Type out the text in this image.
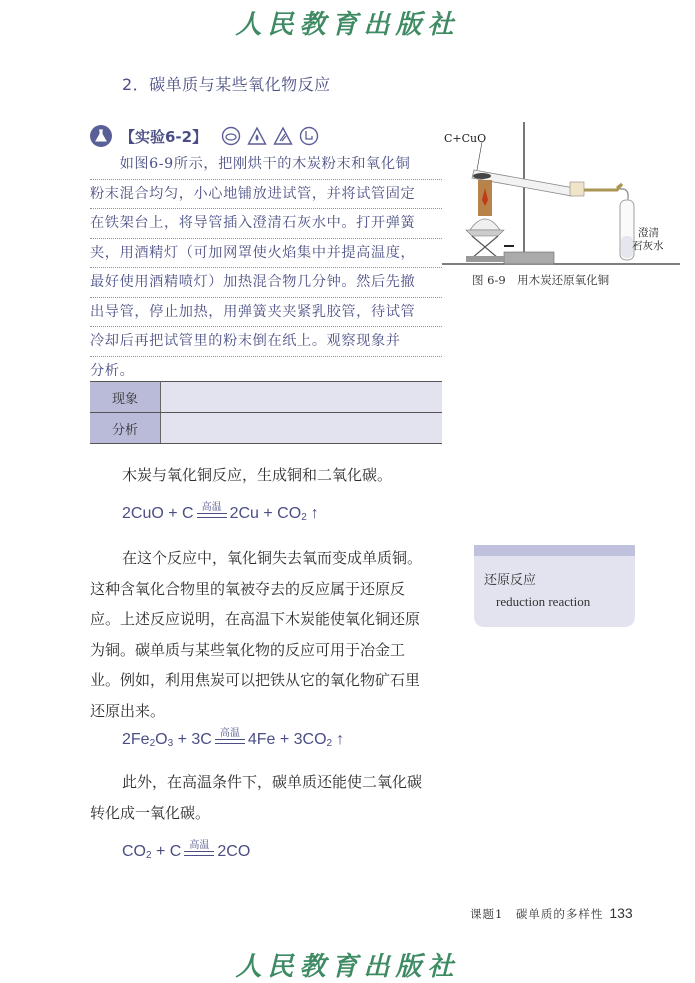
人民教育出版社
2．碳单质与某些氧化物反应
【实验6-2】
　　如图6-9所示，把刚烘干的木炭粉末和氧化铜
粉末混合均匀，小心地铺放进试管，并将试管固定
在铁架台上，将导管插入澄清石灰水中。打开弹簧
夹，用酒精灯（可加网罩使火焰集中并提高温度，
最好使用酒精喷灯）加热混合物几分钟。然后先撤
出导管，停止加热，用弹簧夹夹紧乳胶管，待试管
冷却后再把试管里的粉末倒在纸上。观察现象并
分析。
现象	
分析	
C+CuO
澄清
石灰水
图 6-9　用木炭还原氧化铜
木炭与氧化铜反应，生成铜和二氧化碳。
2CuO + C 高温 $2Cu + CO_2$ ↑
在这个反应中，氧化铜失去氧而变成单质铜。
这种含氧化合物里的氧被夺去的反应属于还原反
应。上述反应说明，在高温下木炭能使氧化铜还原
为铜。碳单质与某些氧化物的反应可用于冶金工
业。例如，利用焦炭可以把铁从它的氧化物矿石里
还原出来。
还原反应
reduction reaction
$2Fe_2$ $O_3 + 3C$ 高温 $4Fe + 3CO_2$ ↑
此外，在高温条件下，碳单质还能使二氧化碳
转化成一氧化碳。
$CO_2 + C$ 高温 2CO
课题1　碳单质的多样性 133
人民教育出版社
